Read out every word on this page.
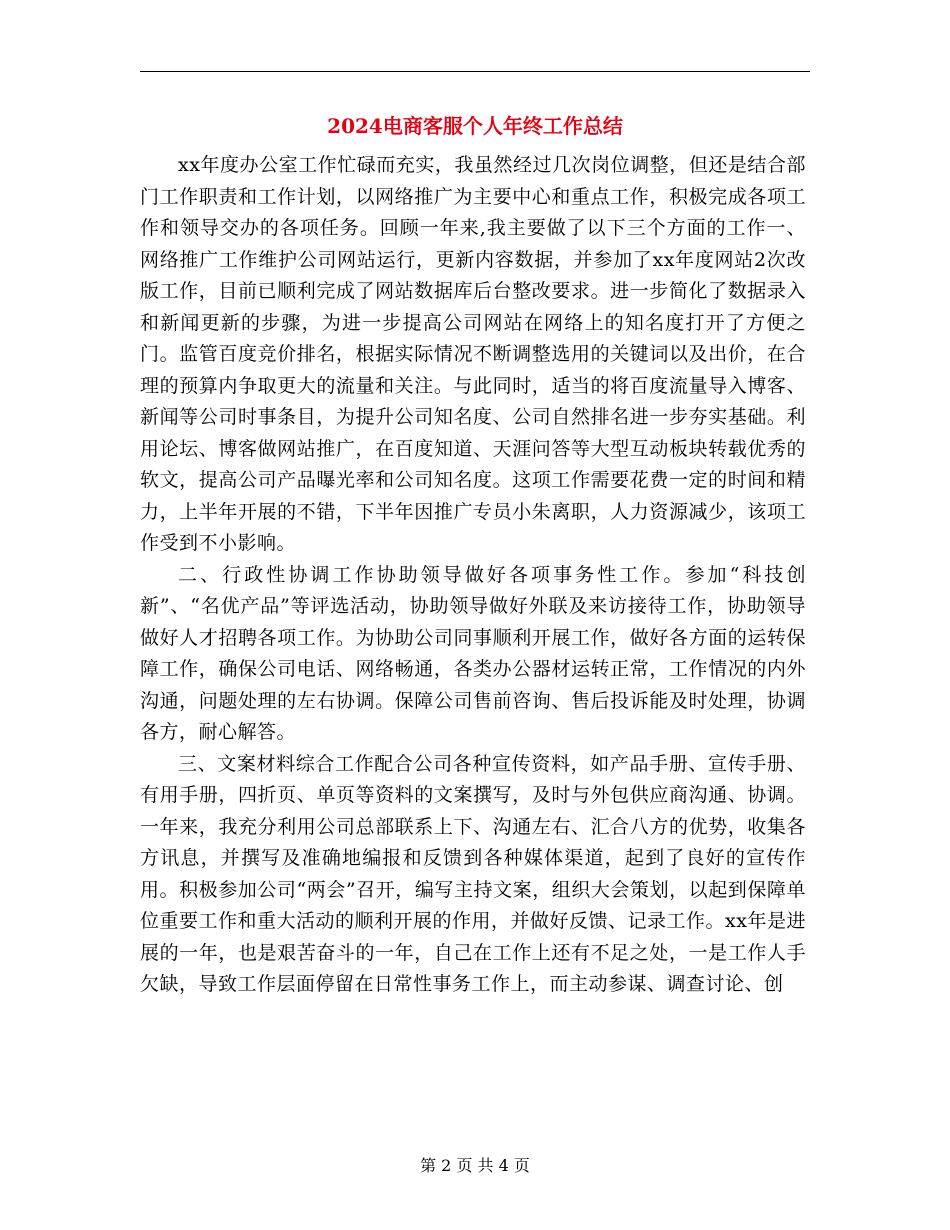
2024电商客服个人年终工作总结

xx年度办公室工作忙碌而充实，我虽然经过几次岗位调整，但还是结合部门工作职责和工作计划，以网络推广为主要中心和重点工作，积极完成各项工作和领导交办的各项任务。回顾一年来,我主要做了以下三个方面的工作一、网络推广工作维护公司网站运行，更新内容数据，并参加了xx年度网站2次改版工作，目前已顺利完成了网站数据库后台整改要求。进一步简化了数据录入和新闻更新的步骤，为进一步提高公司网站在网络上的知名度打开了方便之门。监管百度竞价排名，根据实际情况不断调整选用的关键词以及出价，在合理的预算内争取更大的流量和关注。与此同时，适当的将百度流量导入博客、新闻等公司时事条目，为提升公司知名度、公司自然排名进一步夯实基础。利用论坛、博客做网站推广，在百度知道、天涯问答等大型互动板块转载优秀的软文，提高公司产品曝光率和公司知名度。这项工作需要花费一定的时间和精力，上半年开展的不错，下半年因推广专员小朱离职，人力资源减少，该项工作受到不小影响。

二、行政性协调工作协助领导做好各项事务性工作。参加“科技创新”、“名优产品”等评选活动，协助领导做好外联及来访接待工作，协助领导做好人才招聘各项工作。为协助公司同事顺利开展工作，做好各方面的运转保障工作，确保公司电话、网络畅通，各类办公器材运转正常，工作情况的内外沟通，问题处理的左右协调。保障公司售前咨询、售后投诉能及时处理，协调各方，耐心解答。

三、文案材料综合工作配合公司各种宣传资料，如产品手册、宣传手册、有用手册，四折页、单页等资料的文案撰写，及时与外包供应商沟通、协调。一年来，我充分利用公司总部联系上下、沟通左右、汇合八方的优势，收集各方讯息，并撰写及准确地编报和反馈到各种媒体渠道，起到了良好的宣传作用。积极参加公司“两会”召开，编写主持文案，组织大会策划，以起到保障单位重要工作和重大活动的顺利开展的作用，并做好反馈、记录工作。xx年是进展的一年，也是艰苦奋斗的一年，自己在工作上还有不足之处，一是工作人手欠缺，导致工作层面停留在日常性事务工作上，而主动参谋、调查讨论、创

第 2 页 共 4 页
